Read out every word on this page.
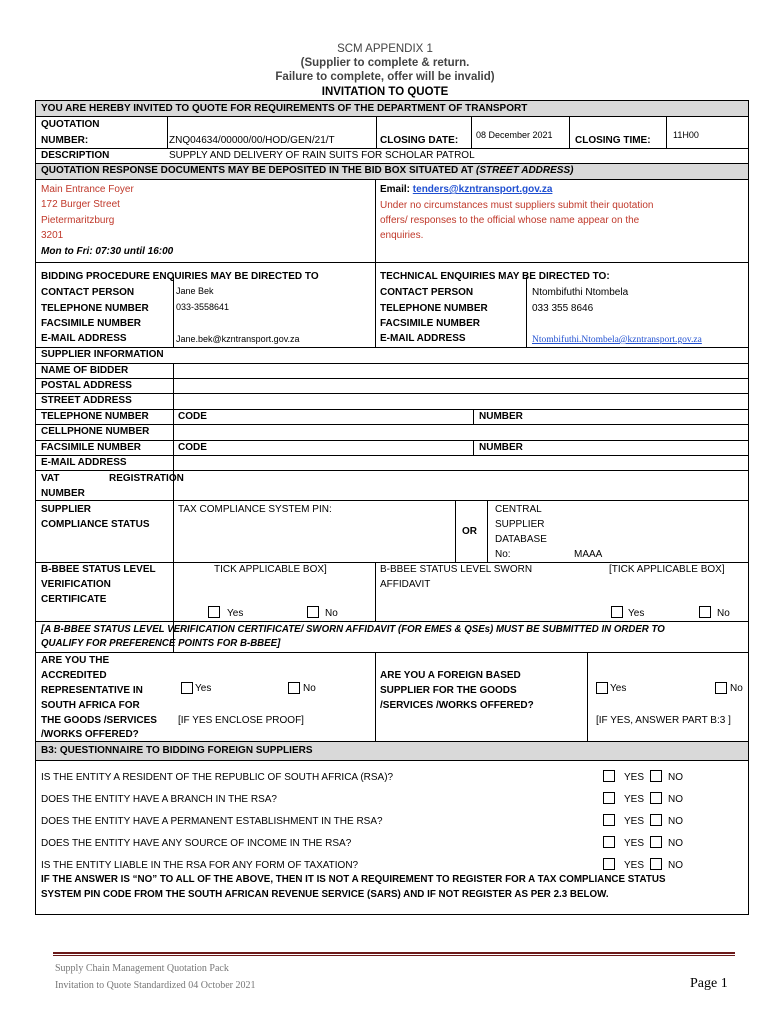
SCM APPENDIX 1
(Supplier to complete & return.
Failure to complete, offer will be invalid)
INVITATION TO QUOTE
YOU ARE HEREBY INVITED TO QUOTE FOR REQUIREMENTS OF THE DEPARTMENT OF TRANSPORT
QUOTATION
NUMBER:	ZNQ04634/00000/00/HOD/GEN/21/T	CLOSING DATE: 08 December 2021 CLOSING TIME: 11H00
DESCRIPTION	SUPPLY AND DELIVERY OF RAIN SUITS FOR SCHOLAR PATROL
QUOTATION RESPONSE DOCUMENTS MAY BE DEPOSITED IN THE BID BOX SITUATED AT (STREET ADDRESS)
Main Entrance Foyer
172 Burger Street
Pietermaritzburg
3201
Mon to Fri: 07:30 until 16:00
Email: tenders@kzntransport.gov.za
Under no circumstances must suppliers submit their quotation
offers/ responses to the official whose name appear on the
enquiries.
BIDDING PROCEDURE ENQUIRIES MAY BE DIRECTED TO
CONTACT PERSON	Jane Bek
TELEPHONE NUMBER	033-3558641
FACSIMILE NUMBER
E-MAIL ADDRESS	Jane.bek@kzntransport.gov.za
TECHNICAL ENQUIRIES MAY BE DIRECTED TO:
CONTACT PERSON	Ntombifuthi Ntombela
TELEPHONE NUMBER	033 355 8646
FACSIMILE NUMBER
E-MAIL ADDRESS	Ntombifuthi.Ntombela@kzntransport.gov.za
SUPPLIER INFORMATION
NAME OF BIDDER
POSTAL ADDRESS
STREET ADDRESS
TELEPHONE NUMBER	CODE	NUMBER
CELLPHONE NUMBER
FACSIMILE NUMBER	CODE	NUMBER
E-MAIL ADDRESS
VAT	REGISTRATION
NUMBER
SUPPLIER
COMPLIANCE STATUS
TAX COMPLIANCE SYSTEM PIN:
OR
CENTRAL
SUPPLIER
DATABASE
No:	MAAA
B-BBEE STATUS LEVEL
VERIFICATION
CERTIFICATE
TICK APPLICABLE BOX]
Yes	No
B-BBEE STATUS LEVEL SWORN
AFFIDAVIT
[TICK APPLICABLE BOX]
Yes	No
[A B-BBEE STATUS LEVEL VERIFICATION CERTIFICATE/ SWORN AFFIDAVIT (FOR EMES & QSEs) MUST BE SUBMITTED IN ORDER TO
QUALIFY FOR PREFERENCE POINTS FOR B-BBEE]
ARE YOU THE
ACCREDITED
REPRESENTATIVE IN
SOUTH AFRICA FOR
THE GOODS /SERVICES
/WORKS OFFERED?
Yes	No
[IF YES ENCLOSE PROOF]
ARE YOU A FOREIGN BASED
SUPPLIER FOR THE GOODS
/SERVICES /WORKS OFFERED?
Yes	No
[IF YES, ANSWER PART B:3 ]
B3: QUESTIONNAIRE TO BIDDING FOREIGN SUPPLIERS
IS THE ENTITY A RESIDENT OF THE REPUBLIC OF SOUTH AFRICA (RSA)?	YES NO
DOES THE ENTITY HAVE A BRANCH IN THE RSA?	YES NO
DOES THE ENTITY HAVE A PERMANENT ESTABLISHMENT IN THE RSA?	YES NO
DOES THE ENTITY HAVE ANY SOURCE OF INCOME IN THE RSA?	YES NO
IS THE ENTITY LIABLE IN THE RSA FOR ANY FORM OF TAXATION?	YES NO
IF THE ANSWER IS “NO” TO ALL OF THE ABOVE, THEN IT IS NOT A REQUIREMENT TO REGISTER FOR A TAX COMPLIANCE STATUS
SYSTEM PIN CODE FROM THE SOUTH AFRICAN REVENUE SERVICE (SARS) AND IF NOT REGISTER AS PER 2.3 BELOW.
Supply Chain Management Quotation Pack
Invitation to Quote Standardized 04 October 2021	Page 1
